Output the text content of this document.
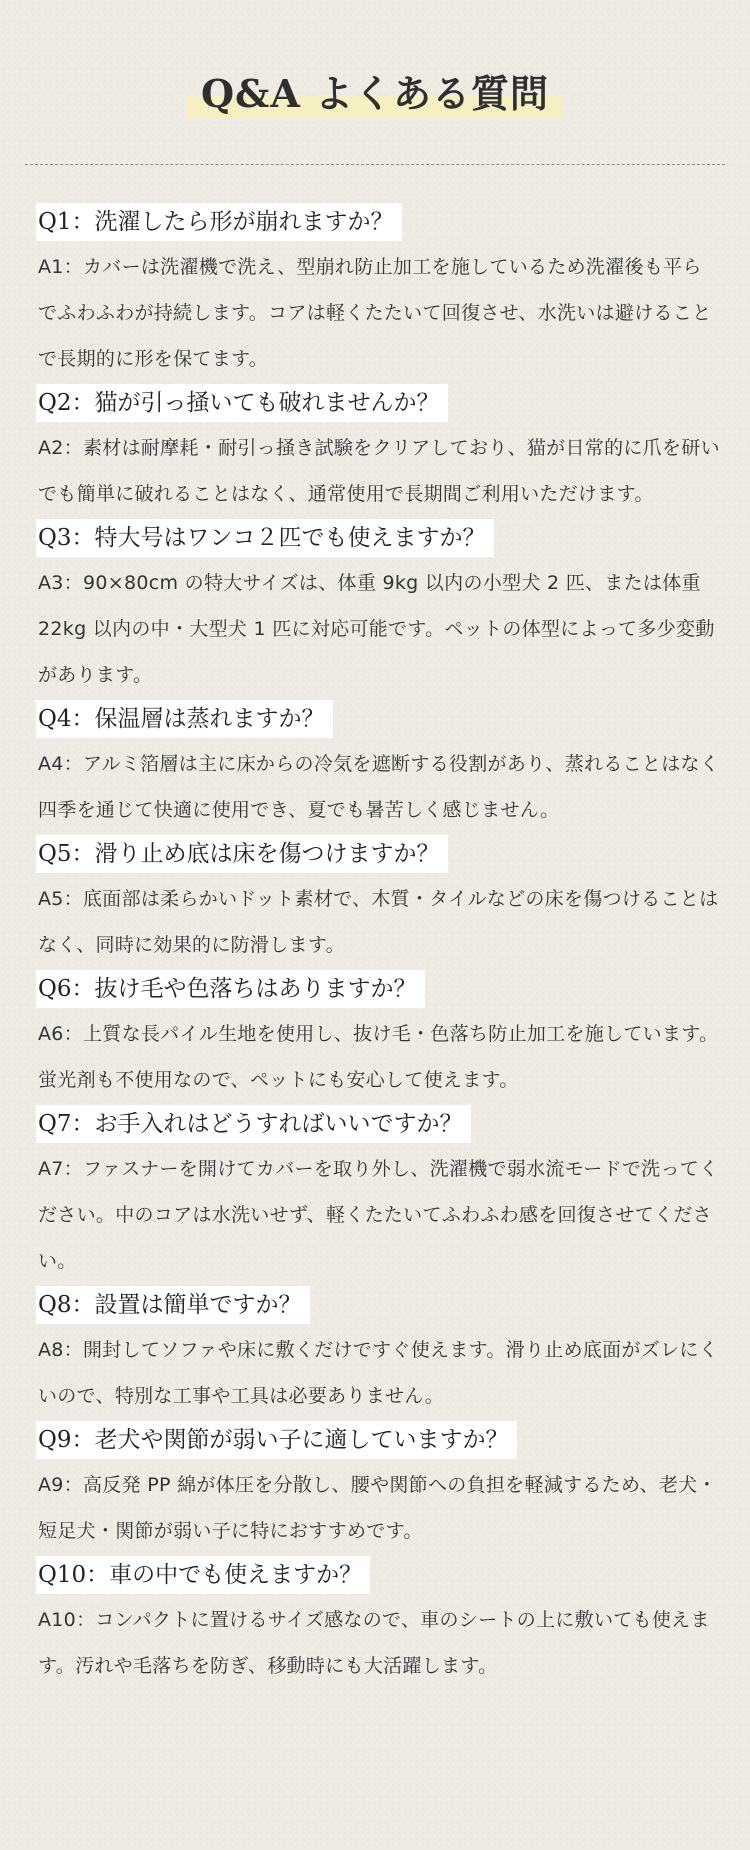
Q&A よくある質問
Q1：洗濯したら形が崩れますか？
A1：カバーは洗濯機で洗え、型崩れ防止加工を施しているため洗濯後も平らでふわふわが持続します。コアは軽くたたいて回復させ、水洗いは避けることで長期的に形を保てます。
Q2：猫が引っ掻いても破れませんか？
A2：素材は耐摩耗・耐引っ掻き試験をクリアしており、猫が日常的に爪を研いでも簡単に破れることはなく、通常使用で長期間ご利用いただけます。
Q3：特大号はワンコ２匹でも使えますか？
A3：90×80cm の特大サイズは、体重 9kg 以内の小型犬 2 匹、または体重 22kg 以内の中・大型犬 1 匹に対応可能です。ペットの体型によって多少変動があります。
Q4：保温層は蒸れますか？
A4：アルミ箔層は主に床からの冷気を遮断する役割があり、蒸れることはなく四季を通じて快適に使用でき、夏でも暑苦しく感じません。
Q5：滑り止め底は床を傷つけますか？
A5：底面部は柔らかいドット素材で、木質・タイルなどの床を傷つけることはなく、同時に効果的に防滑します。
Q6：抜け毛や色落ちはありますか？
A6：上質な長パイル生地を使用し、抜け毛・色落ち防止加工を施しています。蛍光剤も不使用なので、ペットにも安心して使えます。
Q7：お手入れはどうすればいいですか？
A7：ファスナーを開けてカバーを取り外し、洗濯機で弱水流モードで洗ってください。中のコアは水洗いせず、軽くたたいてふわふわ感を回復させてください。
Q8：設置は簡単ですか？
A8：開封してソファや床に敷くだけですぐ使えます。滑り止め底面がズレにくいので、特別な工事や工具は必要ありません。
Q9：老犬や関節が弱い子に適していますか？
A9：高反発 PP 綿が体圧を分散し、腰や関節への負担を軽減するため、老犬・短足犬・関節が弱い子に特におすすめです。
Q10：車の中でも使えますか？
A10：コンパクトに置けるサイズ感なので、車のシートの上に敷いても使えます。汚れや毛落ちを防ぎ、移動時にも大活躍します。
